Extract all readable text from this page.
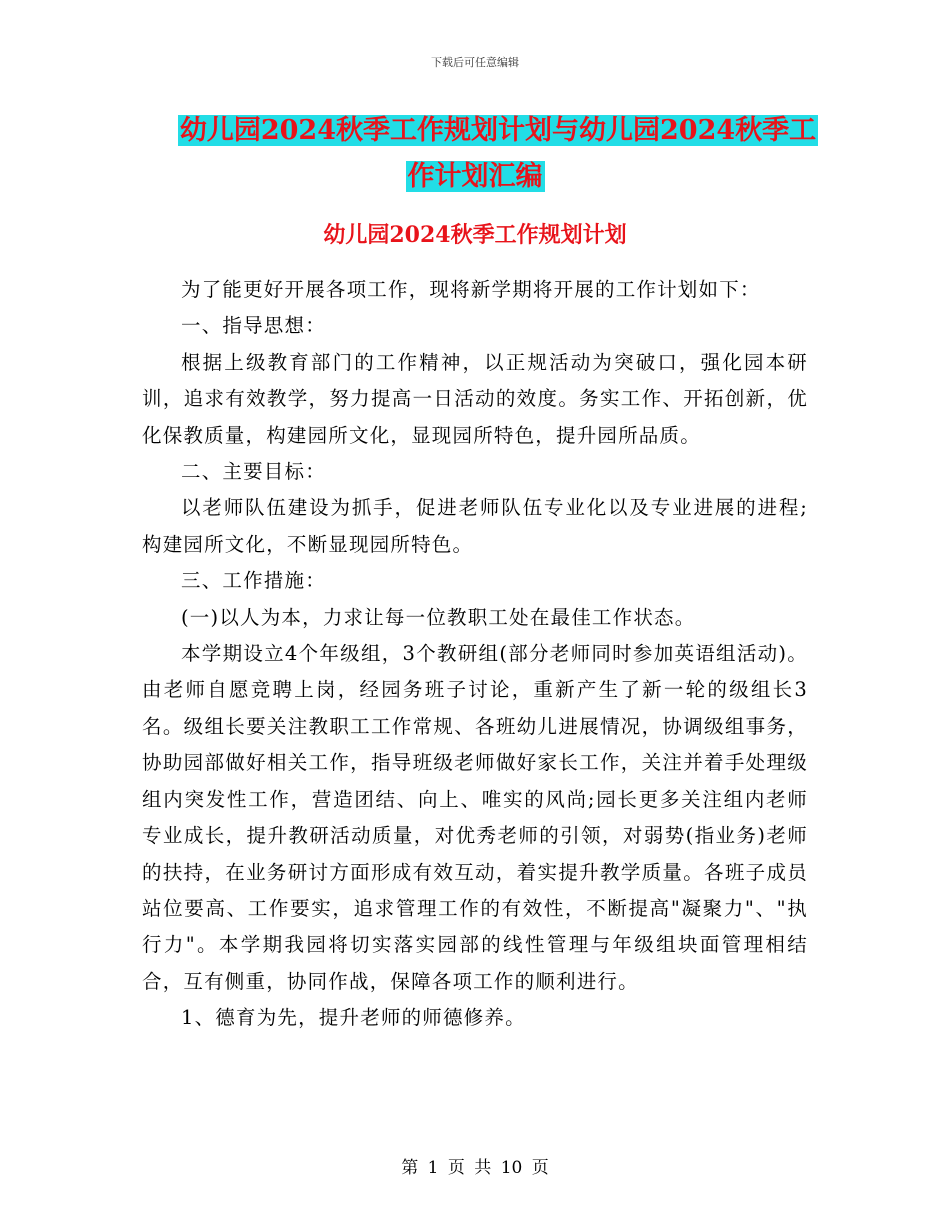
下载后可任意编辑
幼儿园2024秋季工作规划计划与幼儿园2024秋季工
作计划汇编
幼儿园2024秋季工作规划计划

为了能更好开展各项工作，现将新学期将开展的工作计划如下：

一、指导思想：

根据上级教育部门的工作精神，以正规活动为突破口，强化园本研训，追求有效教学，努力提高一日活动的效度。务实工作、开拓创新，优化保教质量，构建园所文化，显现园所特色，提升园所品质。

二、主要目标：

以老师队伍建设为抓手，促进老师队伍专业化以及专业进展的进程;构建园所文化，不断显现园所特色。

三、工作措施：

(一)以人为本，力求让每一位教职工处在最佳工作状态。

本学期设立4个年级组，3个教研组(部分老师同时参加英语组活动)。由老师自愿竞聘上岗，经园务班子讨论，重新产生了新一轮的级组长3名。级组长要关注教职工工作常规、各班幼儿进展情况，协调级组事务，协助园部做好相关工作，指导班级老师做好家长工作，关注并着手处理级组内突发性工作，营造团结、向上、唯实的风尚;园长更多关注组内老师专业成长，提升教研活动质量，对优秀老师的引领，对弱势(指业务)老师的扶持，在业务研讨方面形成有效互动，着实提升教学质量。各班子成员站位要高、工作要实，追求管理工作的有效性，不断提高"凝聚力"、"执行力"。本学期我园将切实落实园部的线性管理与年级组块面管理相结合，互有侧重，协同作战，保障各项工作的顺利进行。

1、德育为先，提升老师的师德修养。

第 1 页 共 10 页
